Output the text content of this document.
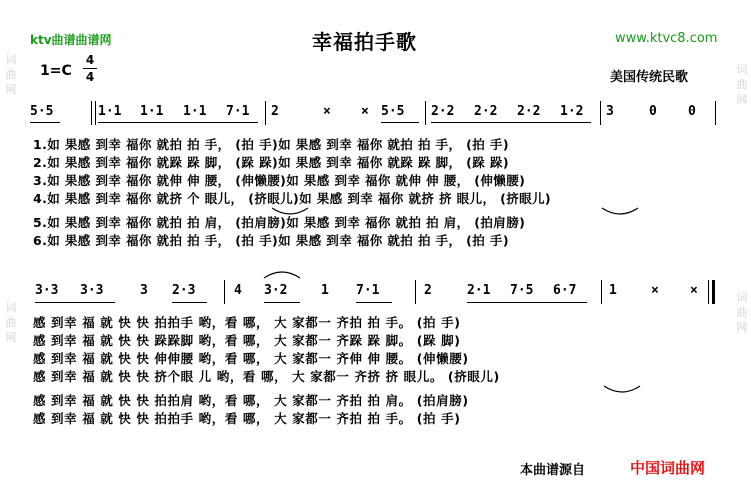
ktv曲谱曲谱网	幸福拍手歌	www.ktvc8.com
1=C
4
4	美国传统民歌
词曲网
词曲网
词曲网
词曲网
5·5	1·1 1·1 1·1 7·1 2	× × 5·5 2·2 2·2 2·2 1·2 3	0 0
1.如 果感 到幸 福你 就拍 拍 手， (拍 手)如 果感 到幸 福你 就拍 拍 手， (拍 手)
2.如 果感 到幸 福你 就跺 跺 脚， (跺 跺)如 果感 到幸 福你 就跺 跺 脚， (跺 跺)
3.如 果感 到幸 福你 就伸 伸 腰， (伸懒腰)如 果感 到幸 福你 就伸 伸 腰， (伸懒腰)
4.如 果感 到幸 福你 就挤 个 眼儿， (挤眼儿)如 果感 到幸 福你 就挤 挤 眼儿， (挤眼儿)
5.如 果感 到幸 福你 就拍 拍 肩， (拍肩膀)如 果感 到幸 福你 就拍 拍 肩， (拍肩膀)
6.如 果感 到幸 福你 就拍 拍 手， (拍 手)如 果感 到幸 福你 就拍 拍 手， (拍 手)
3·3 3·3	3 2·3	4 3·2	1 7·1	2	2·1 7·5 6·7	1	× ×
感 到幸 福 就 快 快 拍拍手 哟，看 哪， 大 家都一 齐拍 拍 手。 (拍 手)
感 到幸 福 就 快 快 跺跺脚 哟，看 哪， 大 家都一 齐跺 跺 脚。 (跺 脚)
感 到幸 福 就 快 快 伸伸腰 哟，看 哪， 大 家都一 齐伸 伸 腰。 (伸懒腰)
感 到幸 福 就 快 快 挤个眼 儿 哟，看 哪， 大 家都一 齐挤 挤 眼儿。 (挤眼儿)
感 到幸 福 就 快 快 拍拍肩 哟，看 哪， 大 家都一 齐拍 拍 肩。 (拍肩膀)
感 到幸 福 就 快 快 拍拍手 哟，看 哪， 大 家都一 齐拍 拍 手。 (拍 手)
本曲谱源自	中国词曲网
